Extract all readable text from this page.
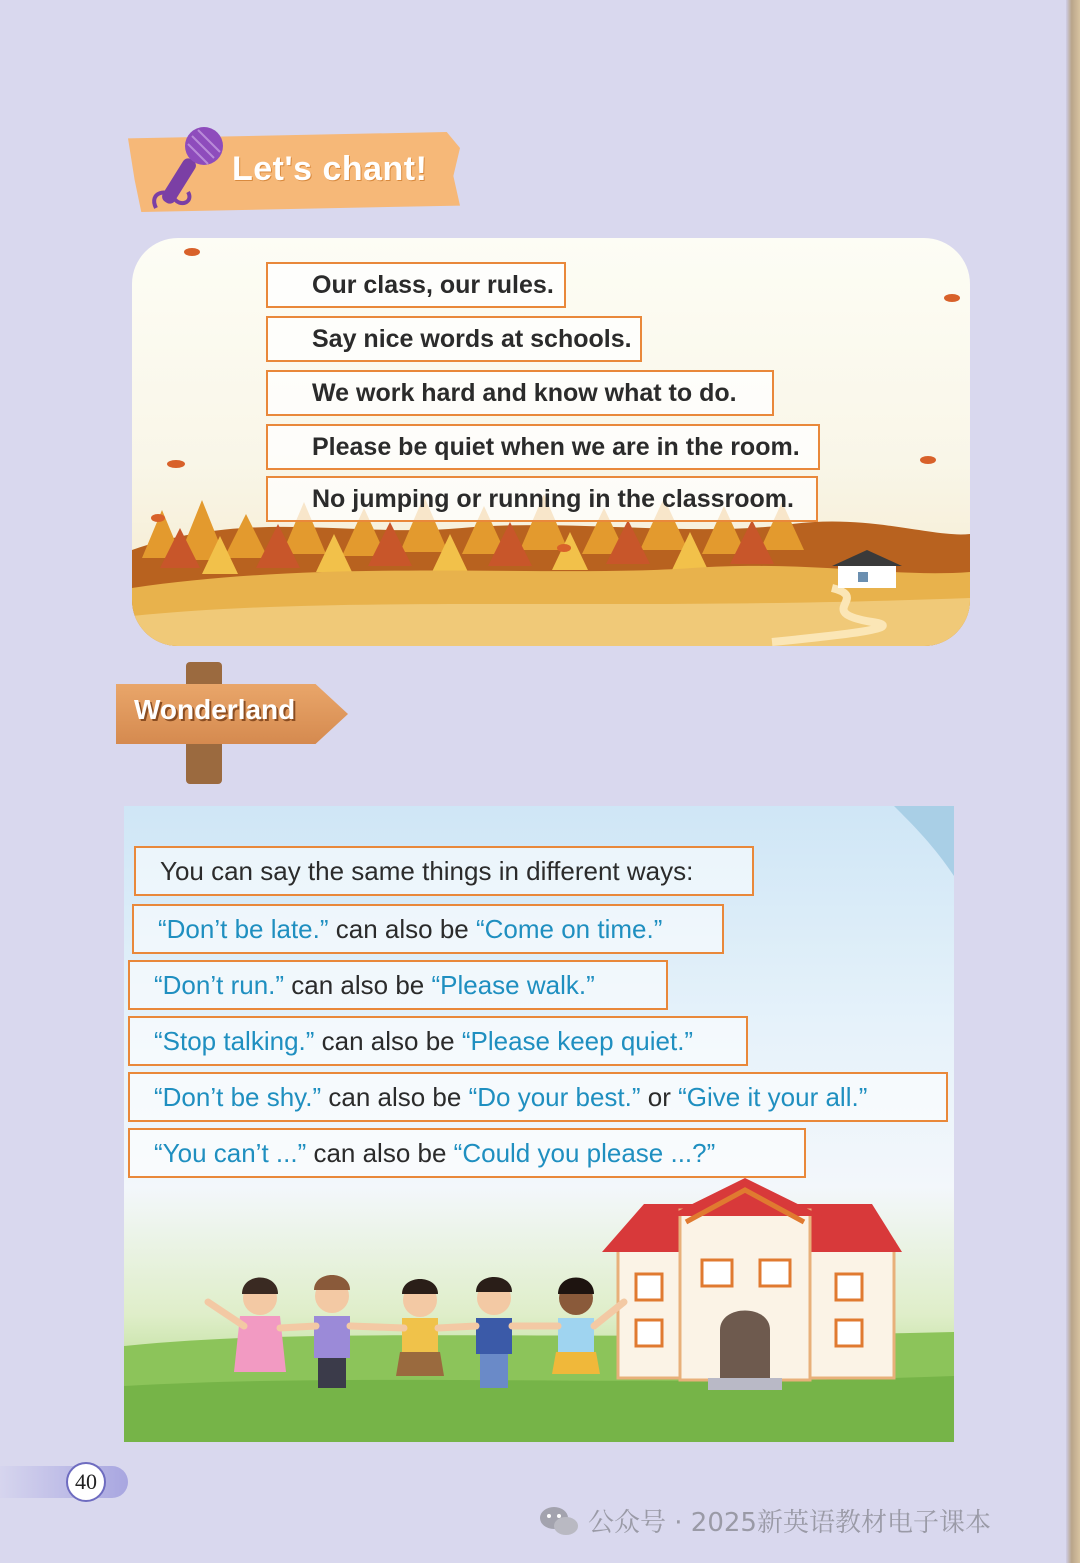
Let's chant!
Our class, our rules.
Say nice words at schools.
We work hard and know what to do.
Please be quiet when we are in the room.
No jumping or running in the classroom.
Wonderland
You can say the same things in different ways:
“Don’t be late.” can also be “Come on time.”
“Don’t run.” can also be “Please walk.”
“Stop talking.” can also be “Please keep quiet.”
“Don’t be shy.” can also be “Do your best.” or “Give it your all.”
“You can’t ...” can also be “Could you please ...?”
40
公众号 · 2025新英语教材电子课本
